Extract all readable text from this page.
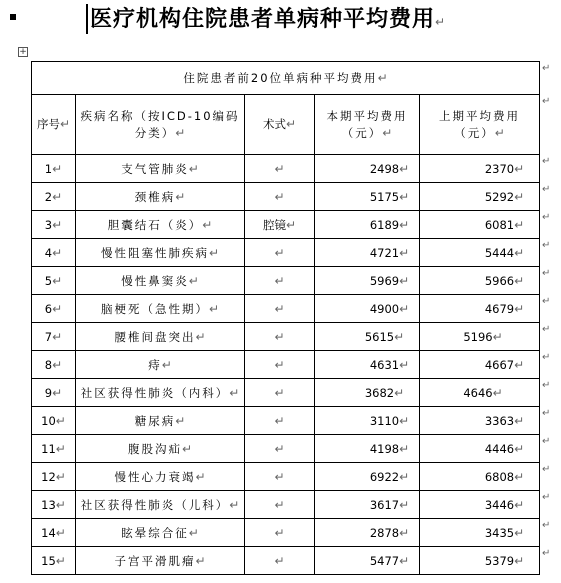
医疗机构住院患者单病种平均费用↵
+
住院患者前20位单病种平均费用↵				
序号↵	疾病名称（按ICD-10编码分类）↵	术式↵	本期平均费用（元）↵	上期平均费用（元）↵
1↵	支气管肺炎↵	↵	2498↵	2370↵
2↵	颈椎病↵	↵	5175↵	5292↵
3↵	胆囊结石（炎）↵	腔镜↵	6189↵	6081↵
4↵	慢性阻塞性肺疾病↵	↵	4721↵	5444↵
5↵	慢性鼻窦炎↵	↵	5969↵	5966↵
6↵	脑梗死（急性期）↵	↵	4900↵	4679↵
7↵	腰椎间盘突出↵	↵	5615↵	5196↵
8↵	痔↵	↵	4631↵	4667↵
9↵	社区获得性肺炎（内科）↵	↵	3682↵	4646↵
10↵	糖尿病↵	↵	3110↵	3363↵
11↵	腹股沟疝↵	↵	4198↵	4446↵
12↵	慢性心力衰竭↵	↵	6922↵	6808↵
13↵	社区获得性肺炎（儿科）↵	↵	3617↵	3446↵
14↵	眩晕综合征↵	↵	2878↵	3435↵
15↵	子宫平滑肌瘤↵	↵	5477↵	5379↵
↵
↵
↵
↵
↵
↵
↵
↵
↵
↵
↵
↵
↵
↵
↵
↵
↵
